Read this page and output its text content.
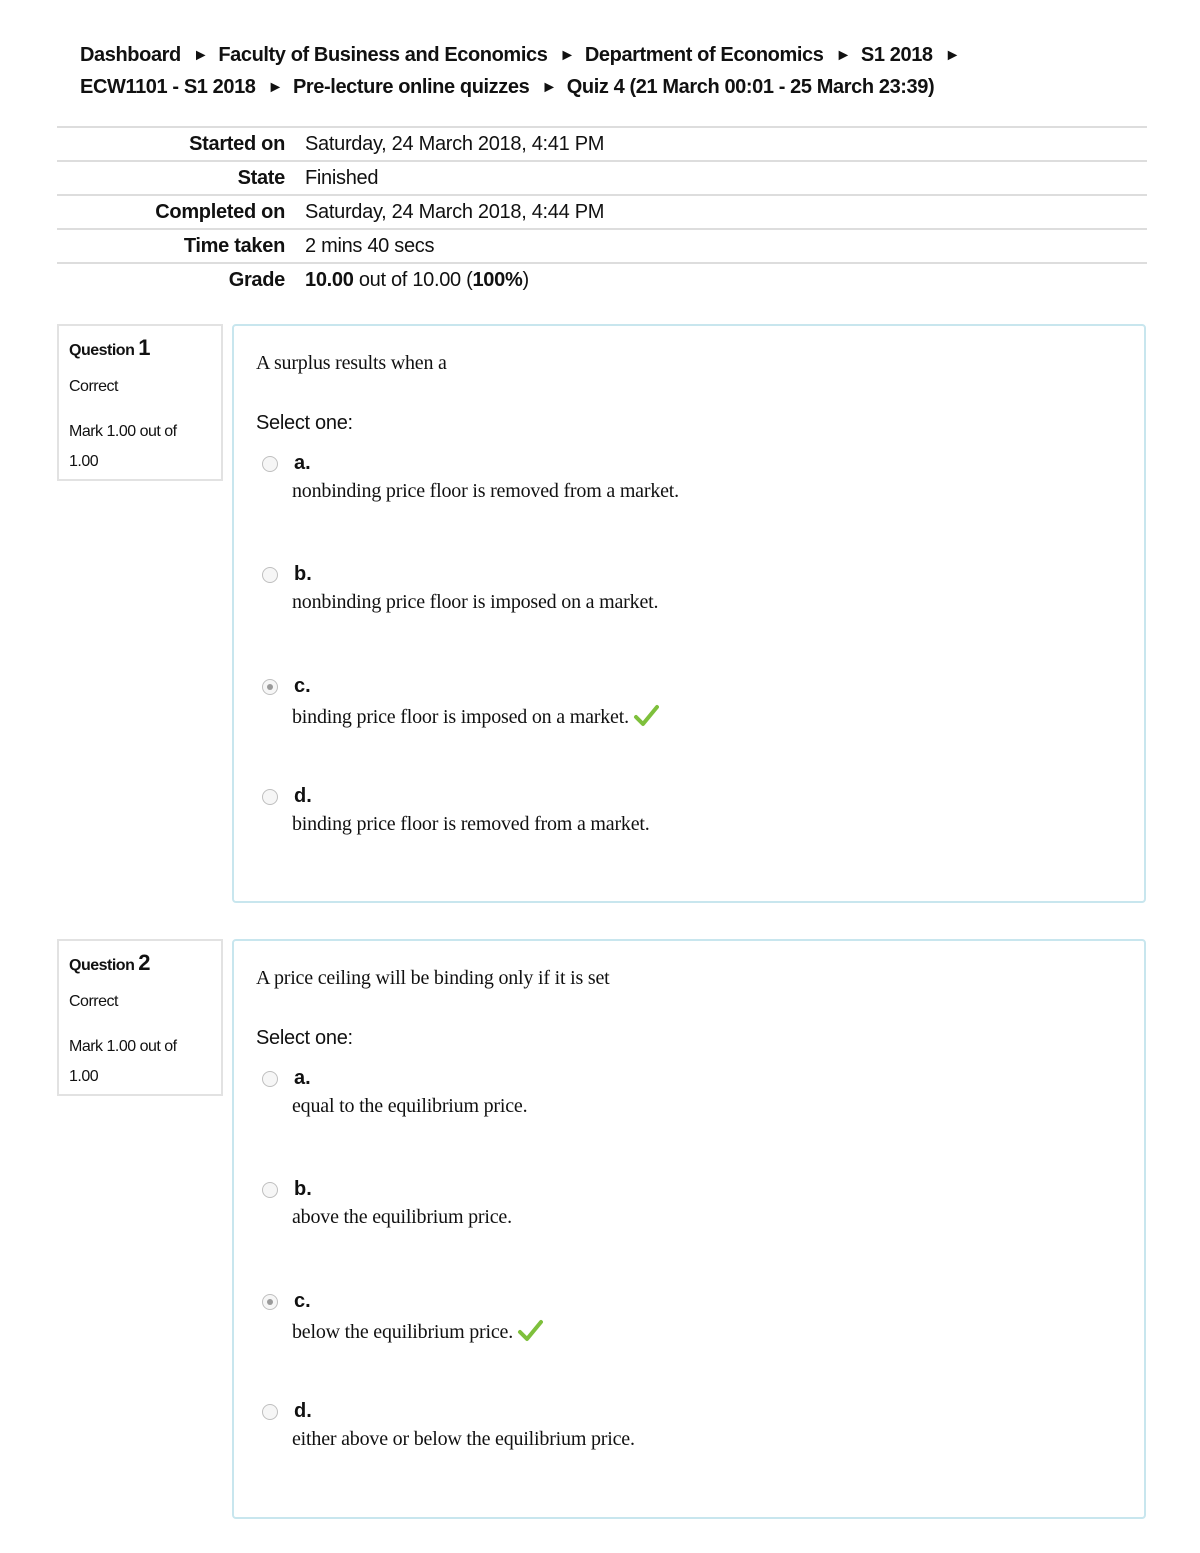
Dashboard ► Faculty of Business and Economics ► Department of Economics ► S1 2018 ►
ECW1101 - S1 2018 ► Pre-lecture online quizzes ► Quiz 4 (21 March 00:01 - 25 March 23:39)
Started on	Saturday, 24 March 2018, 4:41 PM
State	Finished
Completed on	Saturday, 24 March 2018, 4:44 PM
Time taken	2 mins 40 secs
Grade	10.00 out of 10.00 (100%)
Question 1
Correct
Mark 1.00 out of 1.00
A surplus results when a
Select one:
a.
nonbinding price floor is removed from a market.
b.
nonbinding price floor is imposed on a market.
c.
binding price floor is imposed on a market.
d.
binding price floor is removed from a market.
Question 2
Correct
Mark 1.00 out of 1.00
A price ceiling will be binding only if it is set
Select one:
a.
equal to the equilibrium price.
b.
above the equilibrium price.
c.
below the equilibrium price.
d.
either above or below the equilibrium price.
